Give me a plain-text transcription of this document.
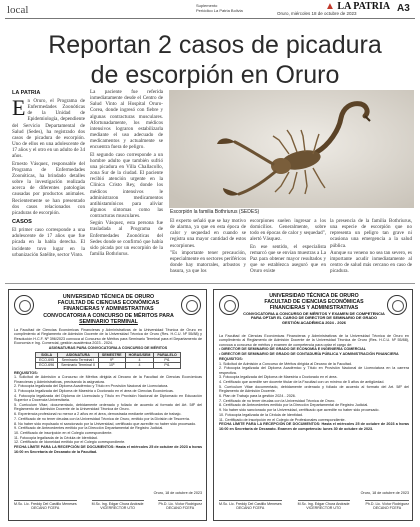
local	Suplemento
Periódico La Patria Bolivia	▲ LA PATRIA
Oruro, miércoles 18 de octubre de 2023	A3
Reportan 2 casos de picadura
de escorpión en Oruro
LA PATRIA
E n Oruro, el Programa de Enfermedades Zoonóticas de la Unidad de Epidemiología, dependiente del Servicio Departamental de Salud (Sedes), ha registrado dos casos de picadura de escorpión. Uno de ellos en una adolescente de 17 años y el otro en un adulto de 34 años.

Ernesto Vásquez, responsable del Programa de Enfermedades Zoonóticas, ha brindado detalles sobre la investigación realizada acerca de diferentes patologías causadas por productos animales. Recientemente se han presentado dos casos relacionados con picaduras de escorpión.

CASOS

El primer caso corresponde a una adolescente de 17 años que fue picada en la habla derecha. El incidente tuvo lugar en la urbanización Satélite, sector Vinto.

La paciente fue referida inmediatamente desde el Centro de Salud Vinto al Hospital Oruro-Corea, donde ingresó con fiebre y algunas contracturas musculares. Afortunadamente, los médicos intensivos lograron estabilizarla mediante el uso adecuado de medicamentos y actualmente se encuentra fuera de peligro.

El segundo caso corresponde a un hombre adulto que también sufrió una picadura en Villa Challacollo, zona Sur de la ciudad. El paciente recibió atención urgente en la Clínica Cristo Rey, donde los médicos intensivos le administraron medicamentos antihistamínicos para aliviar algunos síntomas como las contracturas musculares.

Según Vásquez, esta persona fue trasladada al Programa de Enfermedades Zoonóticas del Sedes donde se confirmó que había sido picada por un escorpión de la familia Bothriurus.

Escorpión la familia Bothriurus (SEDES)

El experto señaló que se hay motivo de alarma, ya que en esta época de calor y sequedad en cuando se registra una mayor cantidad de estos escorpiones.

"Es importante tener precaución, especialmente en sectores periféricos donde hay matorrales, arbustos y basura, ya que los

escorpiones suelen ingresar a los domicilios. Generalmente, sobre todo en épocas de calor y sequedad", alertó Vásquez.

En ese sentido, el especialista remarcó que se envían muestras a La Paz para obtener mayor resultados y que se establezca aseguró que en Oruro existe

la presencia de la familia Bothriurus, una especie de escorpión que no representa un peligro tan grave ni ocasiona una emergencia a la salud pública.

Aunque su veneno no sea tan severo, es importante acudir inmediatamente al centro de salud más cercano en caso de picadura.

UNIVERSIDAD TÉCNICA DE ORURO
FACULTAD DE CIENCIAS ECONÓMICAS
FINANCIERAS Y ADMINISTRATIVAS
CONVOCATORIA A CONCURSO DE MÉRITOS PARA
SEMINARIO TERMINAL

La Facultad de Ciencias Económicas Financieras y Administrativas de la Universidad Técnica de Oruro en cumplimiento al Reglamento de Admisión Docente de la Universidad Técnica de Oruro (Res. H.C.U. Nº 55/88) y Resolución H.C.F. Nº 396/2023 convoca al Concurso de Méritos para Seminario Terminal para el Departamento de Economía e Ing. Comercial, gestión académica 2023 - 2024.

ASIGNATURAS PARA CONVOCATORIA A CONCURSO DE MÉRITOS

SIGLA	ASIGNATURA	SEMESTRE	HORAS/SEM	PARALELO
ECO-695	Seminario Terminal I	9º	4	Pt1
ECO-696	Seminario Terminal II	10º	4	Pt1

REQUISITOS:

1. Solicitud de Admisión a Concurso de Méritos dirigida al Decano de la Facultad de Ciencias Económicas Financieras y Administrativas, precisando la asignatura.

2. Fotocopia legalizada del Diploma Académico y Título en Provisión Nacional de Licenciatura.

3. Fotocopia legalizada del Diploma de Maestría o Doctorado en el área de Ciencias Económicas.

4. Fotocopia legalizada del Diploma de Licenciado y Título en Provisión Nacional de Diplomado en Educación Superior o Docencia Universitaria.

5. Curriculum Vitae, documentado, debidamente ordenado y foliado de acuerdo al formato del Art. 58º del Reglamento de Admisión Docente de la Universidad Técnica de Oruro.

6. Experiencia profesional no menor a 2 años en el área, demostrada mediante certificados de trabajo.

7. Certificado de no tener deudas con la Universidad Técnica de Oruro, emitido por la División de Tesorería.

8. No haber sido expulsado ni sancionado por la Universidad, certificado que acredite no haber sido procesado.

9. Certificado de Antecedentes emitido por la Dirección Departamental de Registro Judicial.

10. Certificado de inscripción en el Colegio correspondiente.

11. Fotocopia legalizada de la Cédula de Identidad.

12. Certificado de Idoneidad emitido por el Colegio correspondiente.

FECHA LÍMITE PARA LA RECEPCIÓN DE DOCUMENTOS: Hasta el miércoles 25 de octubre de 2023 a horas 16:00 en Secretaría de Decanato de la Facultad.

Oruro, 18 de octubre de 2023
M.Sc. Lic. Freddy Del Castillo Meneses
DECANO FCEFA
M.Sc. Ing. Edgar Chura Andrade
VICERRECTOR UTO
Ph.D. Lic. Víctor Rodríguez
DECANO FCEFA
UNIVERSIDAD TÉCNICA DE ORURO
FACULTAD DE CIENCIAS ECONÓMICAS
FINANCIERAS Y ADMINISTRATIVAS
CONVOCATORIA A CONCURSO DE MÉRITOS Y EXAMEN DE COMPETENCIA
PARA OPTAR EL CARGO DE DIRECTOR DE SEMINARIO DE GRADO
GESTIÓN ACADÉMICA 2024 - 2026

La Facultad de Ciencias Económicas Financieras y Administrativas de la Universidad Técnica de Oruro en cumplimiento al Reglamento de Admisión Docente de la Universidad Técnica de Oruro (Res. H.C.U. Nº 55/88), convoca a concurso de méritos y examen de competencia para optar el cargo de:

• DIRECTOR DE SEMINARIO DE GRADO DE ECONOMÍA E INGENIERÍA COMERCIAL

• DIRECTOR DE SEMINARIO DE GRADO DE CONTADURÍA PÚBLICA Y ADMINISTRACIÓN FINANCIERA

REQUISITOS:

1. Solicitud de Admisión a Concurso de Méritos dirigida al Decano de la Facultad.

2. Fotocopia legalizada del Diploma Académico y Título en Provisión Nacional de Licenciatura en la carrera respectiva.

3. Fotocopia legalizada del Diploma de Maestría o Doctorado en el área.

4. Certificado que acredite ser docente titular de la Facultad con un mínimo de 5 años de antigüedad.

5. Curriculum Vitae documentado, debidamente ordenado y foliado de acuerdo al formato del Art. 58º del Reglamento de Admisión Docente.

6. Plan de Trabajo para la gestión 2024 - 2026.

7. Certificado de no tener deudas con la Universidad Técnica de Oruro.

8. Certificado de Antecedentes emitido por la Dirección Departamental de Registro Judicial.

9. No haber sido sancionado por la Universidad, certificado que acredite no haber sido procesado.

10. Fotocopia legalizada de la Cédula de Identidad.

11. Certificado de inscripción en el Colegio de Profesionales correspondiente.

FECHA LÍMITE PARA LA RECEPCIÓN DE DOCUMENTOS: Hasta el miércoles 25 de octubre de 2023 a horas 16:00 en Secretaría de Decanato. Examen de competencia: lunes 30 de octubre de 2023.

Oruro, 18 de octubre de 2023
M.Sc. Lic. Freddy Del Castillo Meneses
DECANO FCEFA
M.Sc. Ing. Edgar Chura Andrade
VICERRECTOR UTO
Ph.D. Lic. Víctor Rodríguez
DECANO FCEFA
